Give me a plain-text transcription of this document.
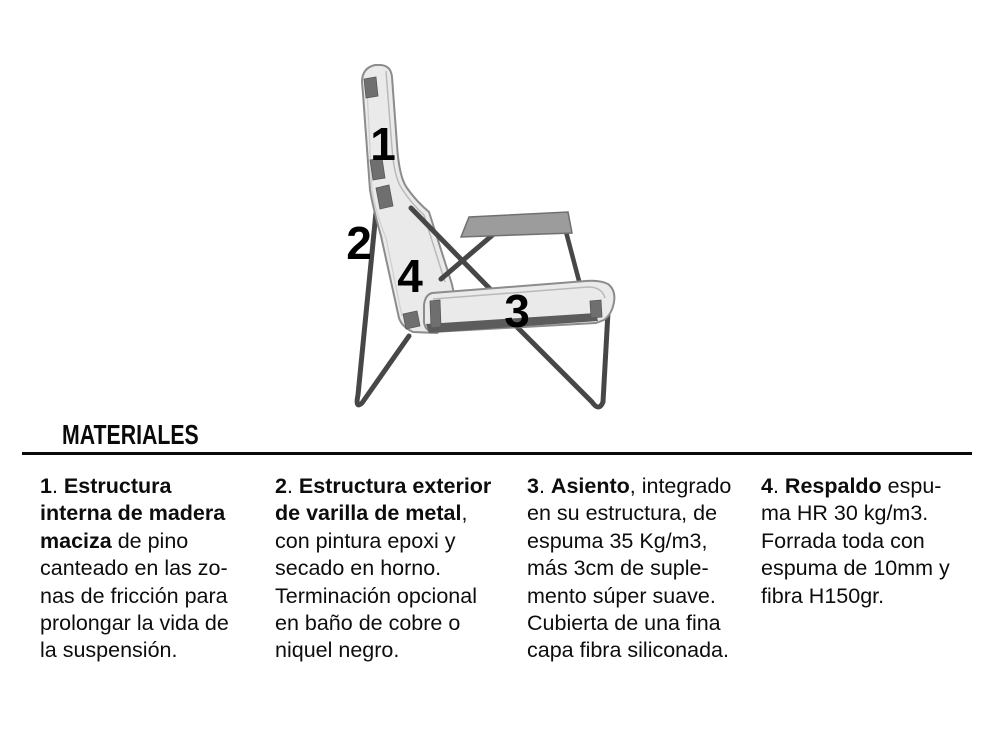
1
2
4
3
MATERIALES
1. Estructura
interna de madera
maciza de pino
canteado en las zo-
nas de fricción para
prolongar la vida de
la suspensión.
2. Estructura exterior
de varilla de metal,
con pintura epoxi y
secado en horno.
Terminación opcional
en baño de cobre o
niquel negro.
3. Asiento, integrado
en su estructura, de
espuma 35 Kg/m3,
más 3cm de suple-
mento súper suave.
Cubierta de una fina
capa fibra siliconada.
4. Respaldo espu-
ma HR 30 kg/m3.
Forrada toda con
espuma de 10mm y
fibra H150gr.
